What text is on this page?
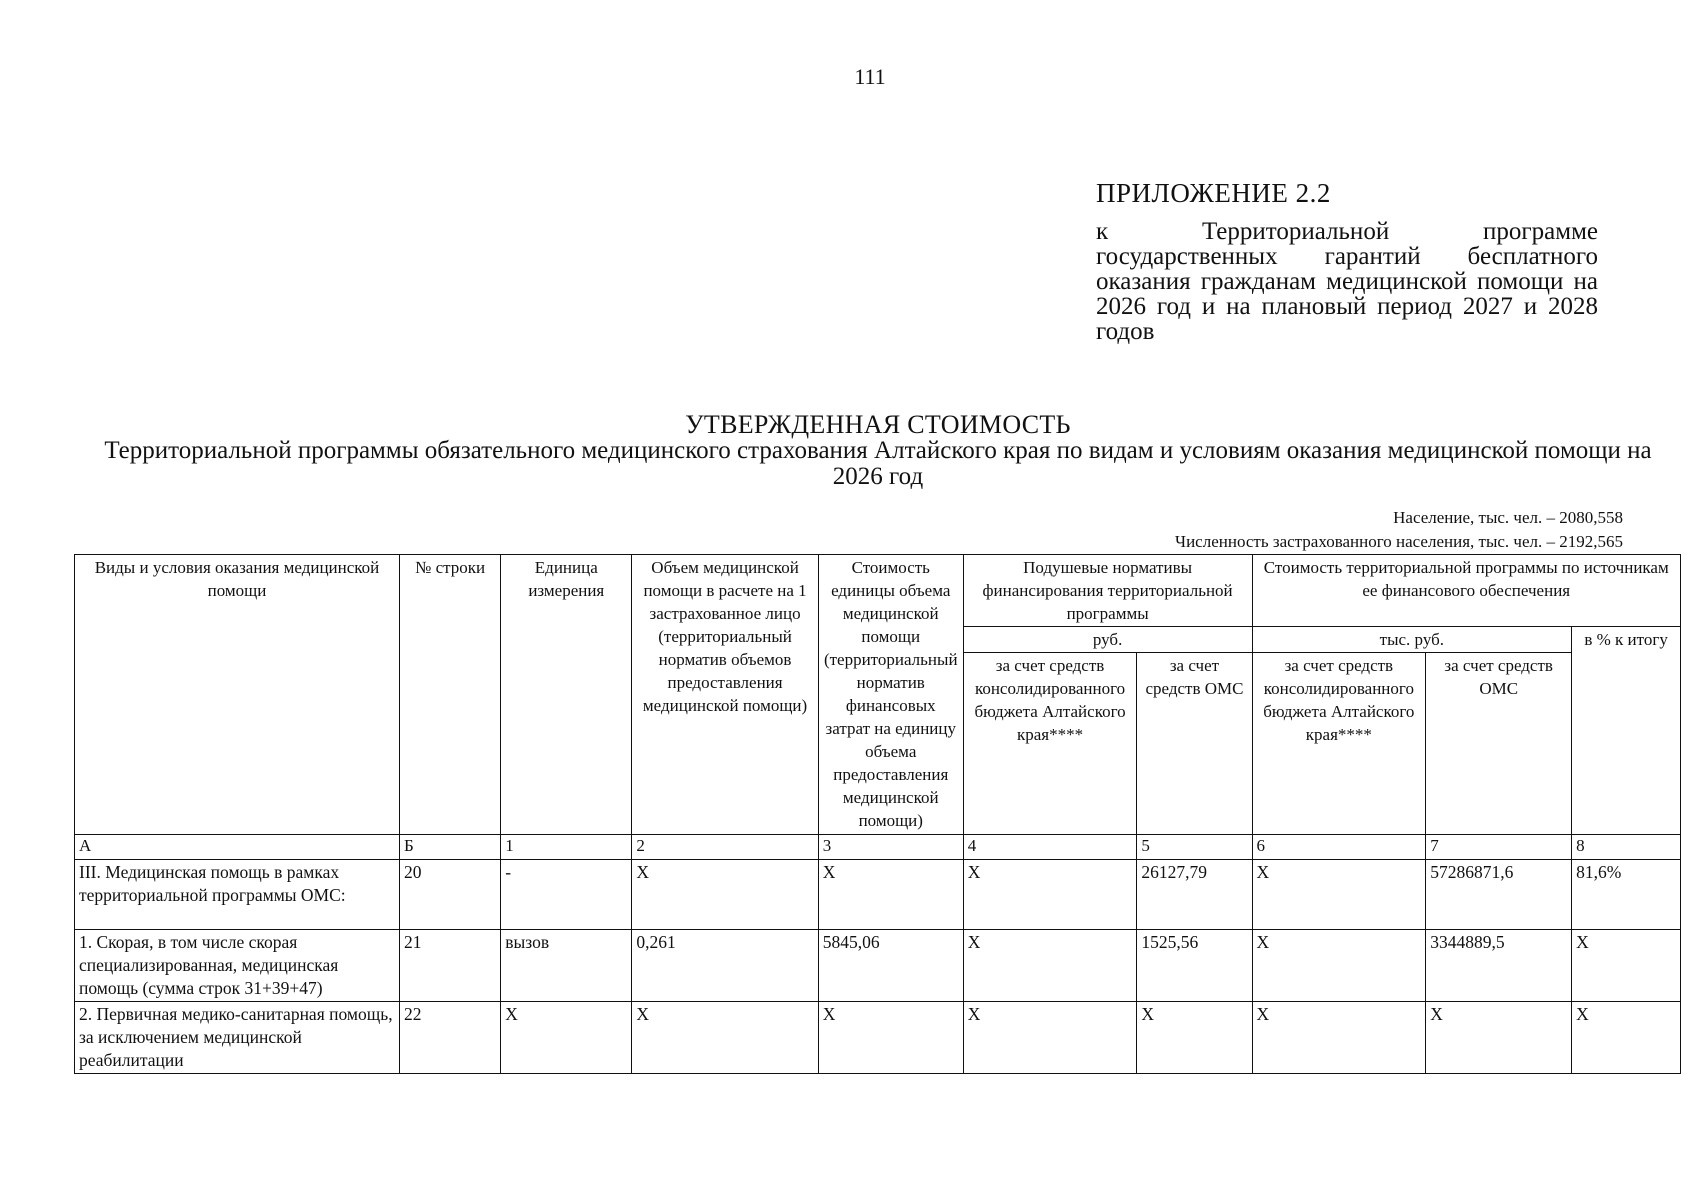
111
ПРИЛОЖЕНИЕ 2.2
к Территориальной программе государственных гарантий бесплатного оказания гражданам медицинской помощи на 2026 год и на плановый период 2027 и 2028 годов
УТВЕРЖДЕННАЯ СТОИМОСТЬ
Территориальной программы обязательного медицинского страхования Алтайского края по видам и условиям оказания медицинской помощи на 2026 год
Население, тыс. чел. – 2080,558
Численность застрахованного населения, тыс. чел. – 2192,565
Виды и условия оказания медицинской помощи	№ строки	Единица измерения	Объем медицинской помощи в расчете на 1 застрахованное лицо (территориальный норматив объемов предоставления медицинской помощи)	Стоимость единицы объема медицинской помощи (территориальный норматив финансовых затрат на единицу объема предоставления медицинской помощи)	Подушевые нормативы финансирования территориальной программы		Стоимость территориальной программы по источникам ее финансового обеспечения		
					руб.		тыс. руб.		в % к итогу
					за счет средств консолидированного бюджета Алтайского края****	за счет средств ОМС	за счет средств консолидированного бюджета Алтайского края****	за счет средств ОМС	
А	Б	1	2	3	4	5	6	7	8
III. Медицинская помощь в рамках территориальной программы ОМС:	20	-	X	X	X	26127,79	X	57286871,6	81,6%
1. Скорая, в том числе скорая специализированная, медицинская помощь (сумма строк 31+39+47)	21	вызов	0,261	5845,06	X	1525,56	X	3344889,5	X
2. Первичная медико-санитарная помощь, за исключением медицинской реабилитации	22	X	X	X	X	X	X	X	X
